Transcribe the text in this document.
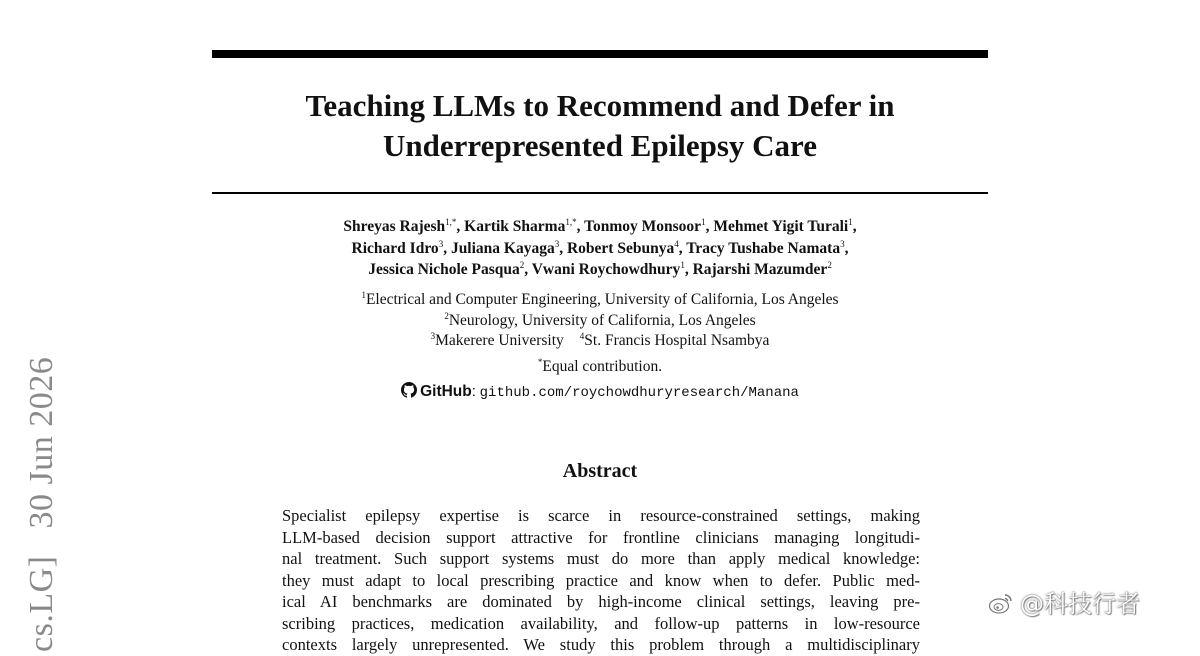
Teaching LLMs to Recommend and Defer in
Underrepresented Epilepsy Care
Shreyas Rajesh$^{1,*}$, Kartik Sharma$^{1,*}$, Tonmoy Monsoor$^1$, Mehmet Yigit Turali$^1$,
Richard Idro$^3$, Juliana Kayaga$^3$, Robert Sebunya$^4$, Tracy Tushabe Namata$^3$,
Jessica Nichole Pasqua$^2$, Vwani Roychowdhury$^1$, Rajarshi Mazumder$^2$
$^1$Electrical and Computer Engineering, University of California, Los Angeles
$^2$Neurology, University of California, Los Angeles
$^3$Makerere University $^4$St. Francis Hospital Nsambya
*Equal contribution.
GitHub: github.com/roychowdhuryresearch/Manana
Abstract
Specialist epilepsy expertise is scarce in resource-constrained settings, making
LLM-based decision support attractive for frontline clinicians managing longitudi-
nal treatment. Such support systems must do more than apply medical knowledge:
they must adapt to local prescribing practice and know when to defer. Public med-
ical AI benchmarks are dominated by high-income clinical settings, leaving pre-
scribing practices, medication availability, and follow-up patterns in low-resource
contexts largely unrepresented. We study this problem through a multidisciplinary
cs.LG]   30 Jun 2026	@科技行者
